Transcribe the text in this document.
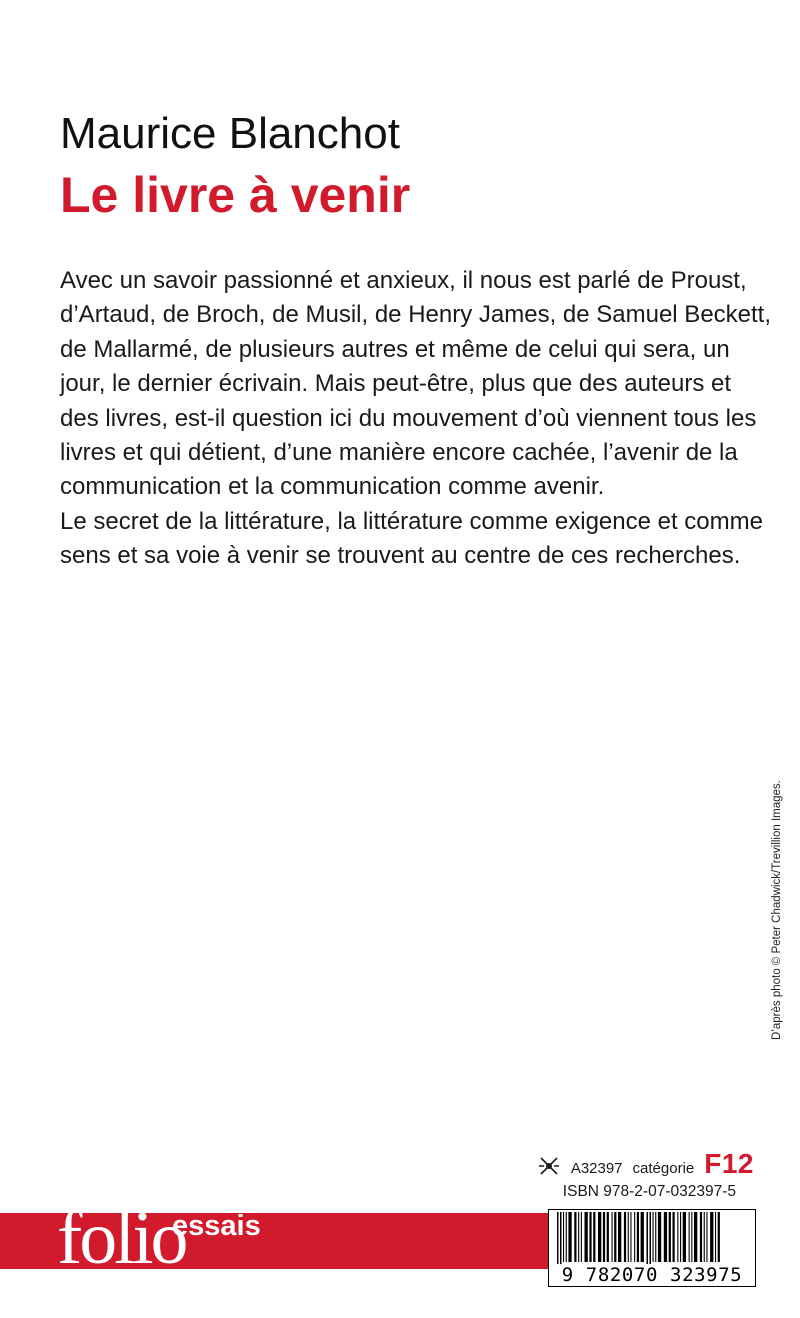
Maurice Blanchot
Le livre à venir

Avec un savoir passionné et anxieux, il nous est parlé de Proust,

d’Artaud, de Broch, de Musil, de Henry James, de Samuel Beckett,

de Mallarmé, de plusieurs autres et même de celui qui sera, un

jour, le dernier écrivain. Mais peut-être, plus que des auteurs et

des livres, est-il question ici du mouvement d’où viennent tous les

livres et qui détient, d’une manière encore cachée, l’avenir de la

communication et la communication comme avenir.

Le secret de la littérature, la littérature comme exigence et comme

sens et sa voie à venir se trouvent au centre de ces recherches.

D’après photo © Peter Chadwick/Trevillion Images.
A32397 catégorie F12
ISBN 978-2-07-032397-5
folio
essais
9 782070 323975
